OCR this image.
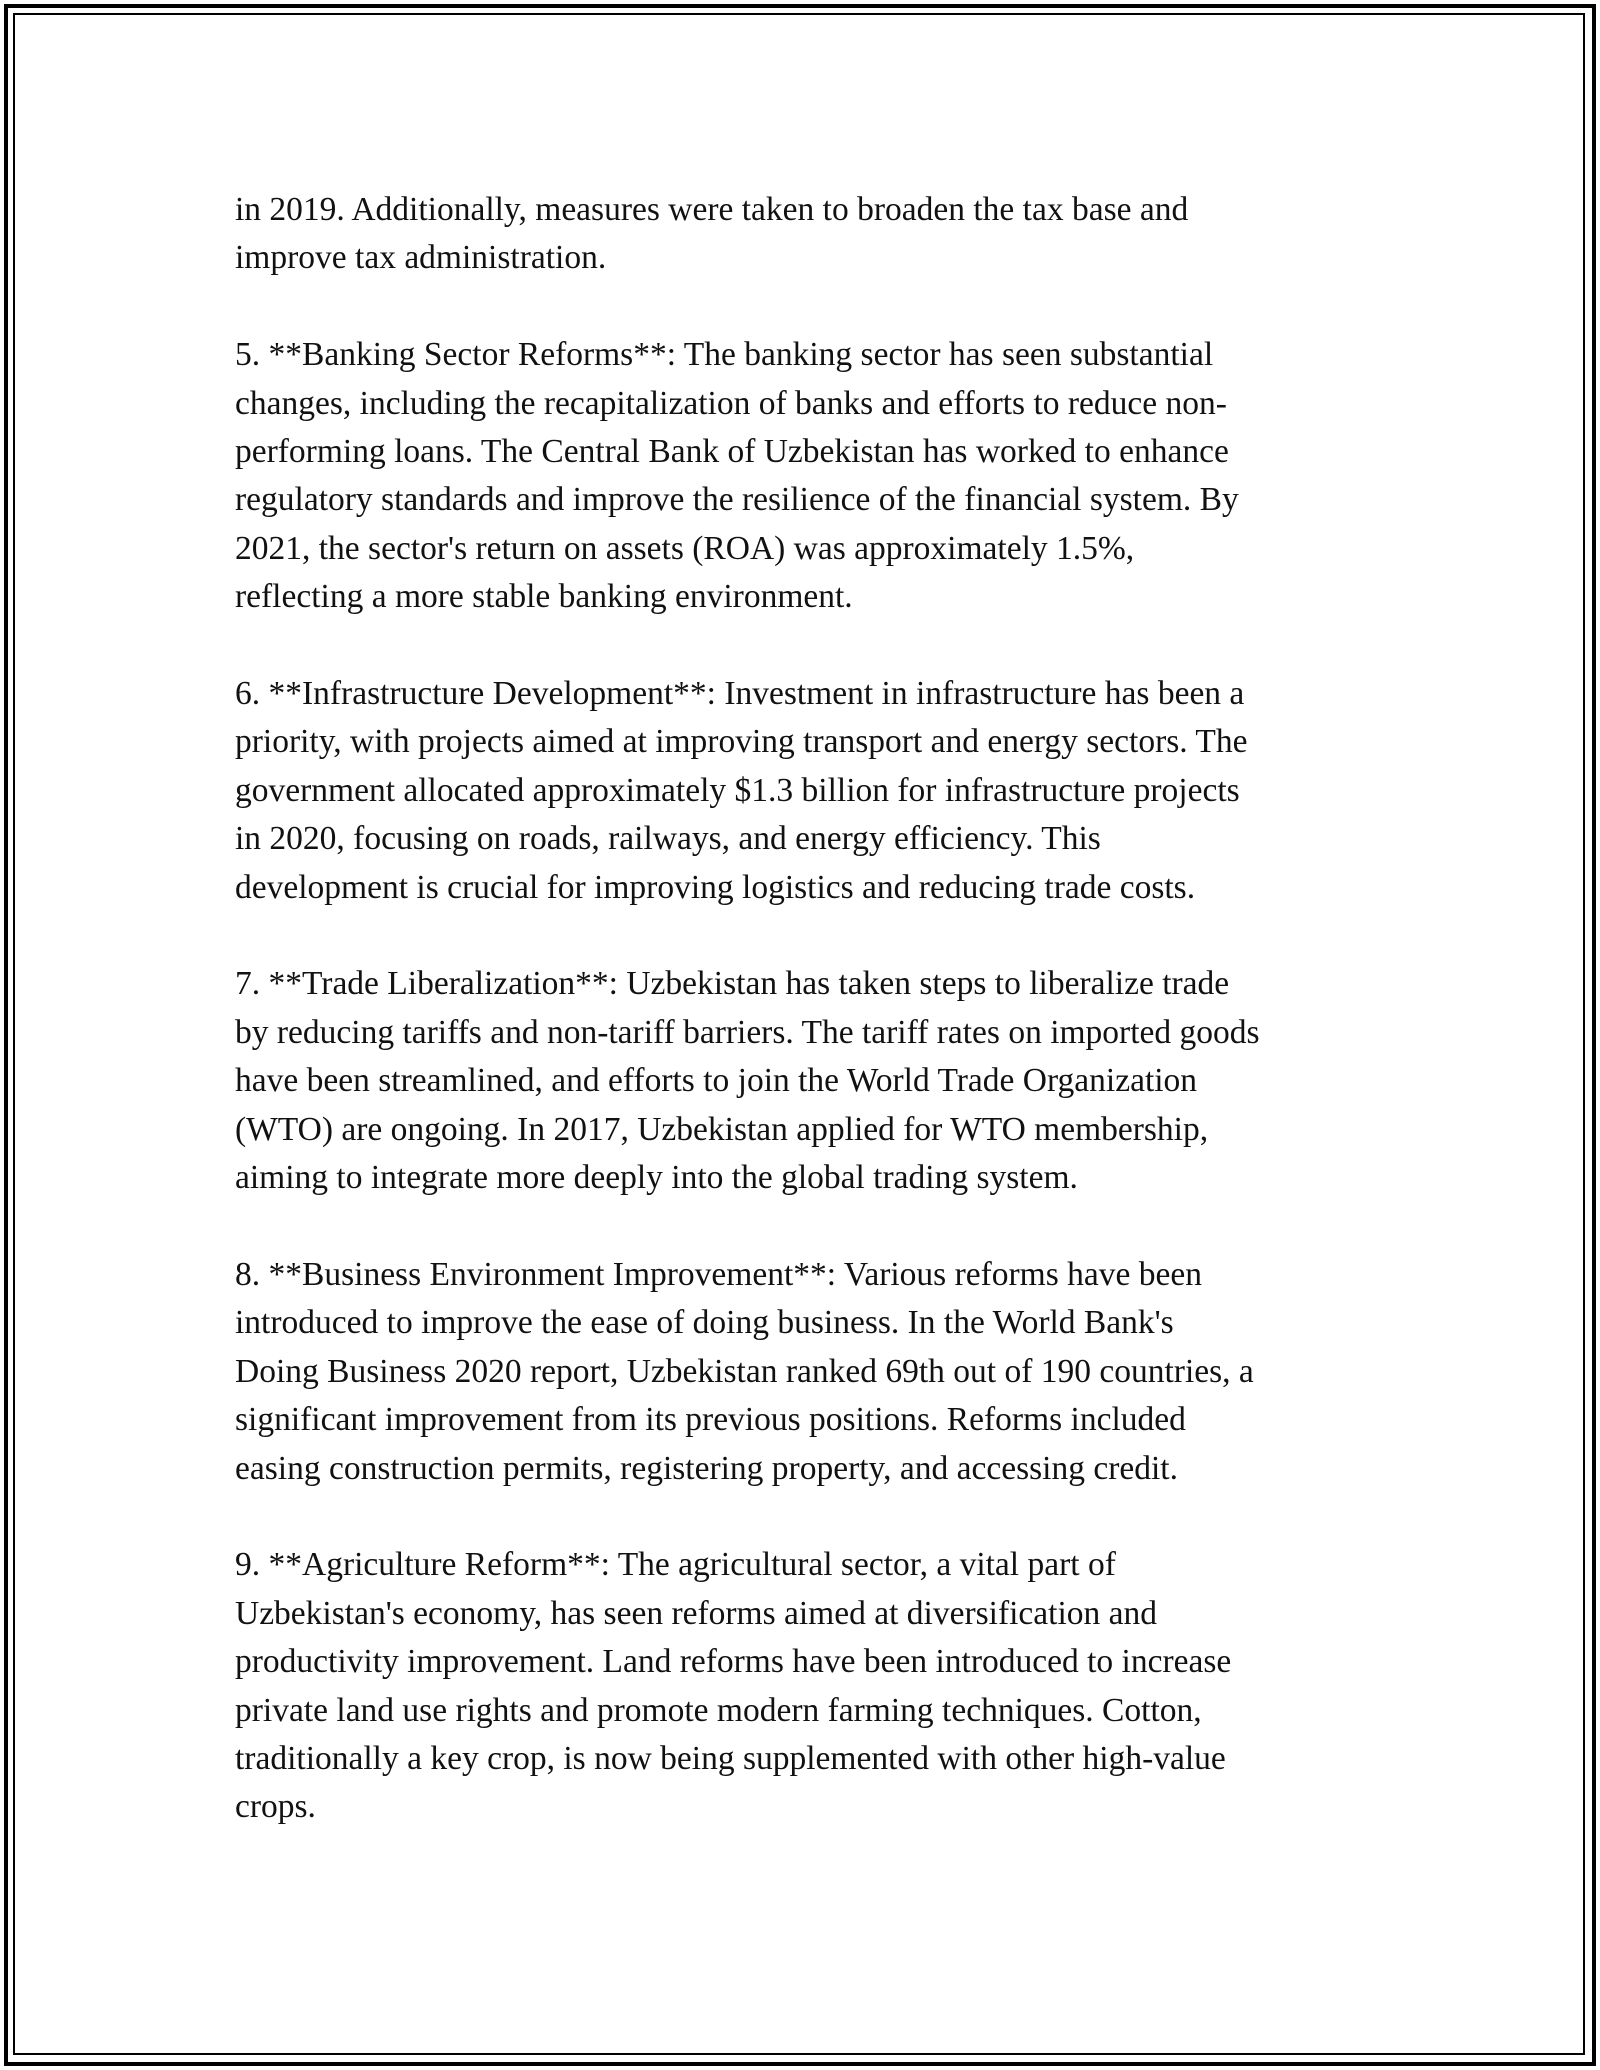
in 2019. Additionally, measures were taken to broaden the tax base and
improve tax administration.

5. **Banking Sector Reforms**: The banking sector has seen substantial
changes, including the recapitalization of banks and efforts to reduce non-
performing loans. The Central Bank of Uzbekistan has worked to enhance
regulatory standards and improve the resilience of the financial system. By
2021, the sector's return on assets (ROA) was approximately 1.5%,
reflecting a more stable banking environment.

6. **Infrastructure Development**: Investment in infrastructure has been a
priority, with projects aimed at improving transport and energy sectors. The
government allocated approximately $1.3 billion for infrastructure projects
in 2020, focusing on roads, railways, and energy efficiency. This
development is crucial for improving logistics and reducing trade costs.

7. **Trade Liberalization**: Uzbekistan has taken steps to liberalize trade
by reducing tariffs and non-tariff barriers. The tariff rates on imported goods
have been streamlined, and efforts to join the World Trade Organization
(WTO) are ongoing. In 2017, Uzbekistan applied for WTO membership,
aiming to integrate more deeply into the global trading system.

8. **Business Environment Improvement**: Various reforms have been
introduced to improve the ease of doing business. In the World Bank's
Doing Business 2020 report, Uzbekistan ranked 69th out of 190 countries, a
significant improvement from its previous positions. Reforms included
easing construction permits, registering property, and accessing credit.

9. **Agriculture Reform**: The agricultural sector, a vital part of
Uzbekistan's economy, has seen reforms aimed at diversification and
productivity improvement. Land reforms have been introduced to increase
private land use rights and promote modern farming techniques. Cotton,
traditionally a key crop, is now being supplemented with other high-value
crops.
